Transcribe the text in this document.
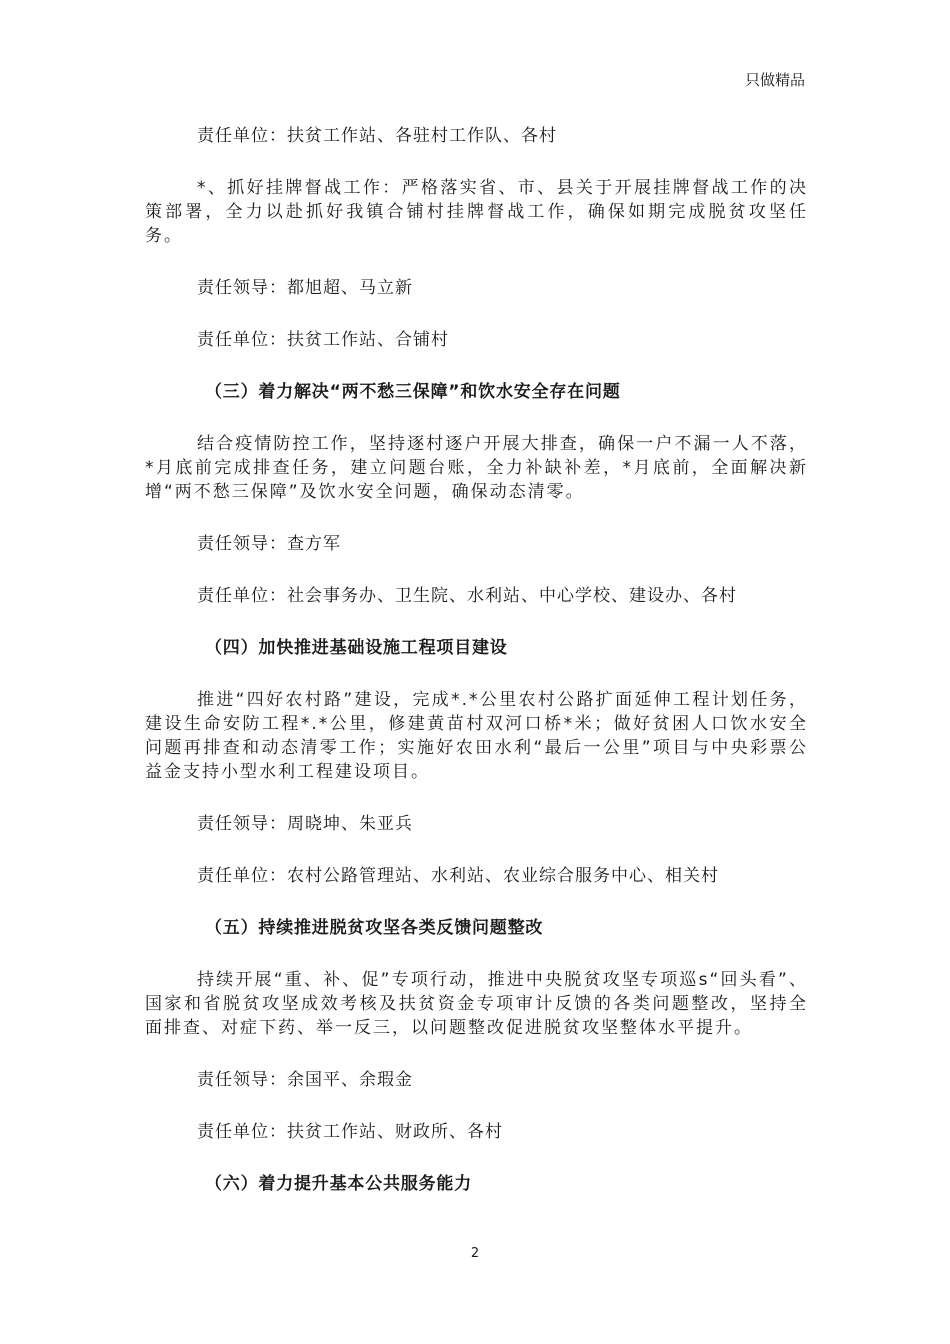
只做精品

责任单位：扶贫工作站、各驻村工作队、各村

*、抓好挂牌督战工作：严格落实省、市、县关于开展挂牌督战工作的决策部署，全力以赴抓好我镇合铺村挂牌督战工作，确保如期完成脱贫攻坚任务。

责任领导：都旭超、马立新

责任单位：扶贫工作站、合铺村

（三）着力解决“两不愁三保障”和饮水安全存在问题

结合疫情防控工作，坚持逐村逐户开展大排查，确保一户不漏一人不落，*月底前完成排查任务，建立问题台账，全力补缺补差，*月底前，全面解决新增“两不愁三保障”及饮水安全问题，确保动态清零。

责任领导：查方军

责任单位：社会事务办、卫生院、水利站、中心学校、建设办、各村

（四）加快推进基础设施工程项目建设

推进“四好农村路”建设，完成*.*公里农村公路扩面延伸工程计划任务，建设生命安防工程*.*公里，修建黄苗村双河口桥*米；做好贫困人口饮水安全问题再排查和动态清零工作；实施好农田水利“最后一公里”项目与中央彩票公益金支持小型水利工程建设项目。

责任领导：周晓坤、朱亚兵

责任单位：农村公路管理站、水利站、农业综合服务中心、相关村

（五）持续推进脱贫攻坚各类反馈问题整改

持续开展“重、补、促”专项行动，推进中央脱贫攻坚专项巡s“回头看”、国家和省脱贫攻坚成效考核及扶贫资金专项审计反馈的各类问题整改，坚持全面排查、对症下药、举一反三，以问题整改促进脱贫攻坚整体水平提升。

责任领导：余国平、余瑕金

责任单位：扶贫工作站、财政所、各村

（六）着力提升基本公共服务能力

2
